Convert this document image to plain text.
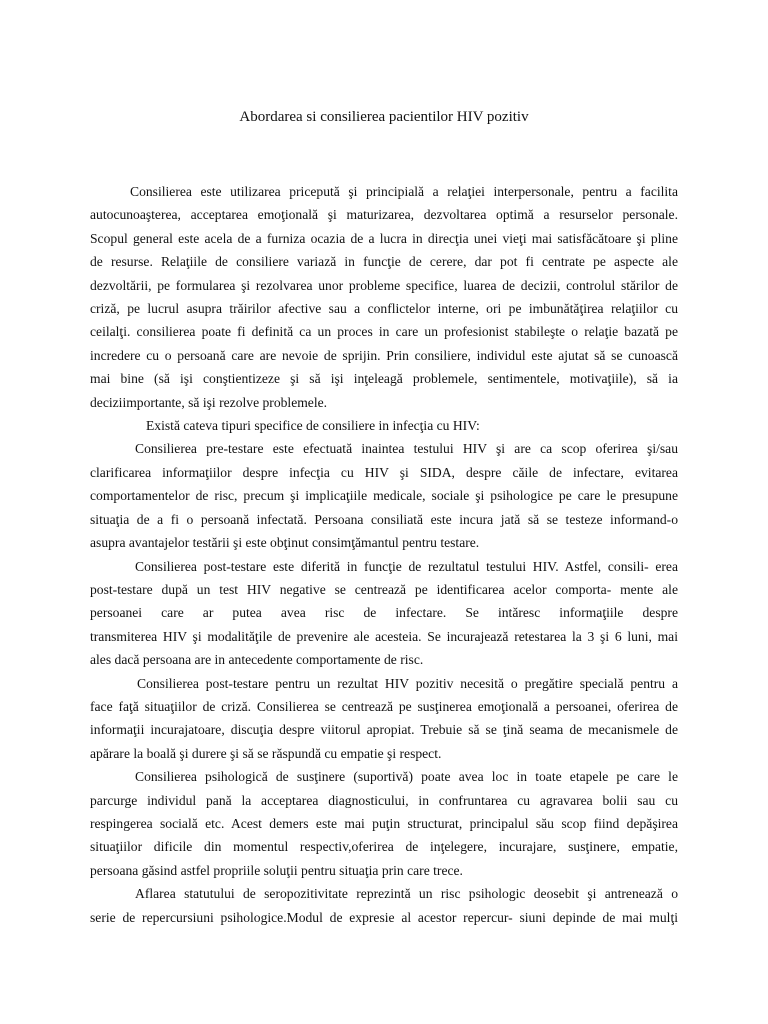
Abordarea si consilierea pacientilor HIV pozitiv
Consilierea este utilizarea pricepută şi principială a relaţiei interpersonale, pentru a facilita
autocunoaşterea, acceptarea emoţională şi maturizarea, dezvoltarea optimă a resurselor personale.
Scopul general este acela de a furniza ocazia de a lucra in direcţia unei vieţi mai satisfăcătoare şi pline
de resurse. Relaţiile de consiliere variază in funcţie de cerere, dar pot fi centrate pe aspecte ale
dezvoltării, pe formularea şi rezolvarea unor probleme specifice, luarea de decizii, controlul stărilor de
criză, pe lucrul asupra trăirilor afective sau a conflictelor interne, ori pe imbunătăţirea relaţiilor cu
ceilalţi. consilierea poate fi definită ca un proces in care un profesionist stabileşte o relaţie bazată pe
incredere cu o persoană care are nevoie de sprijin. Prin consiliere, individul este ajutat să se cunoască
mai bine (să işi conştientizeze şi să işi inţeleagă problemele, sentimentele, motivaţiile), să ia
deciziimportante, să işi rezolve problemele.
Există cateva tipuri specifice de consiliere in infecţia cu HIV:
Consilierea pre-testare este efectuată inaintea testului HIV şi are ca scop oferirea şi/sau
clarificarea informaţiilor despre infecţia cu HIV şi SIDA, despre căile de infectare, evitarea
comportamentelor de risc, precum şi implicaţiile medicale, sociale şi psihologice pe care le presupune
situaţia de a fi o persoană infectată. Persoana consiliată este incura jată să se testeze informand-o
asupra avantajelor testării şi este obţinut consimţămantul pentru testare.
Consilierea post-testare este diferită in funcţie de rezultatul testului HIV. Astfel, consili- erea
post-testare după un test HIV negative se centrează pe identificarea acelor comporta- mente ale
persoanei care ar putea avea risc de infectare. Se intăresc informaţiile despre
transmiterea HIV şi modalităţile de prevenire ale acesteia. Se incurajează retestarea la 3 şi 6 luni, mai
ales dacă persoana are in antecedente comportamente de risc.
Consilierea post-testare pentru un rezultat HIV pozitiv necesită o pregătire specială pentru a
face faţă situaţiilor de criză. Consilierea se centrează pe susţinerea emoţională a persoanei, oferirea de
informaţii incurajatoare, discuţia despre viitorul apropiat. Trebuie să se ţină seama de mecanismele de
apărare la boală şi durere şi să se răspundă cu empatie şi respect.
Consilierea psihologică de susţinere (suportivă) poate avea loc in toate etapele pe care le
parcurge individul pană la acceptarea diagnosticului, in confruntarea cu agravarea bolii sau cu
respingerea socială etc. Acest demers este mai puţin structurat, principalul său scop fiind depăşirea
situaţiilor dificile din momentul respectiv,oferirea de inţelegere, incurajare, susţinere, empatie,
persoana găsind astfel propriile soluţii pentru situaţia prin care trece.
Aflarea statutului de seropozitivitate reprezintă un risc psihologic deosebit şi antrenează o
serie de repercursiuni psihologice.Modul de expresie al acestor repercur- siuni depinde de mai mulţi
